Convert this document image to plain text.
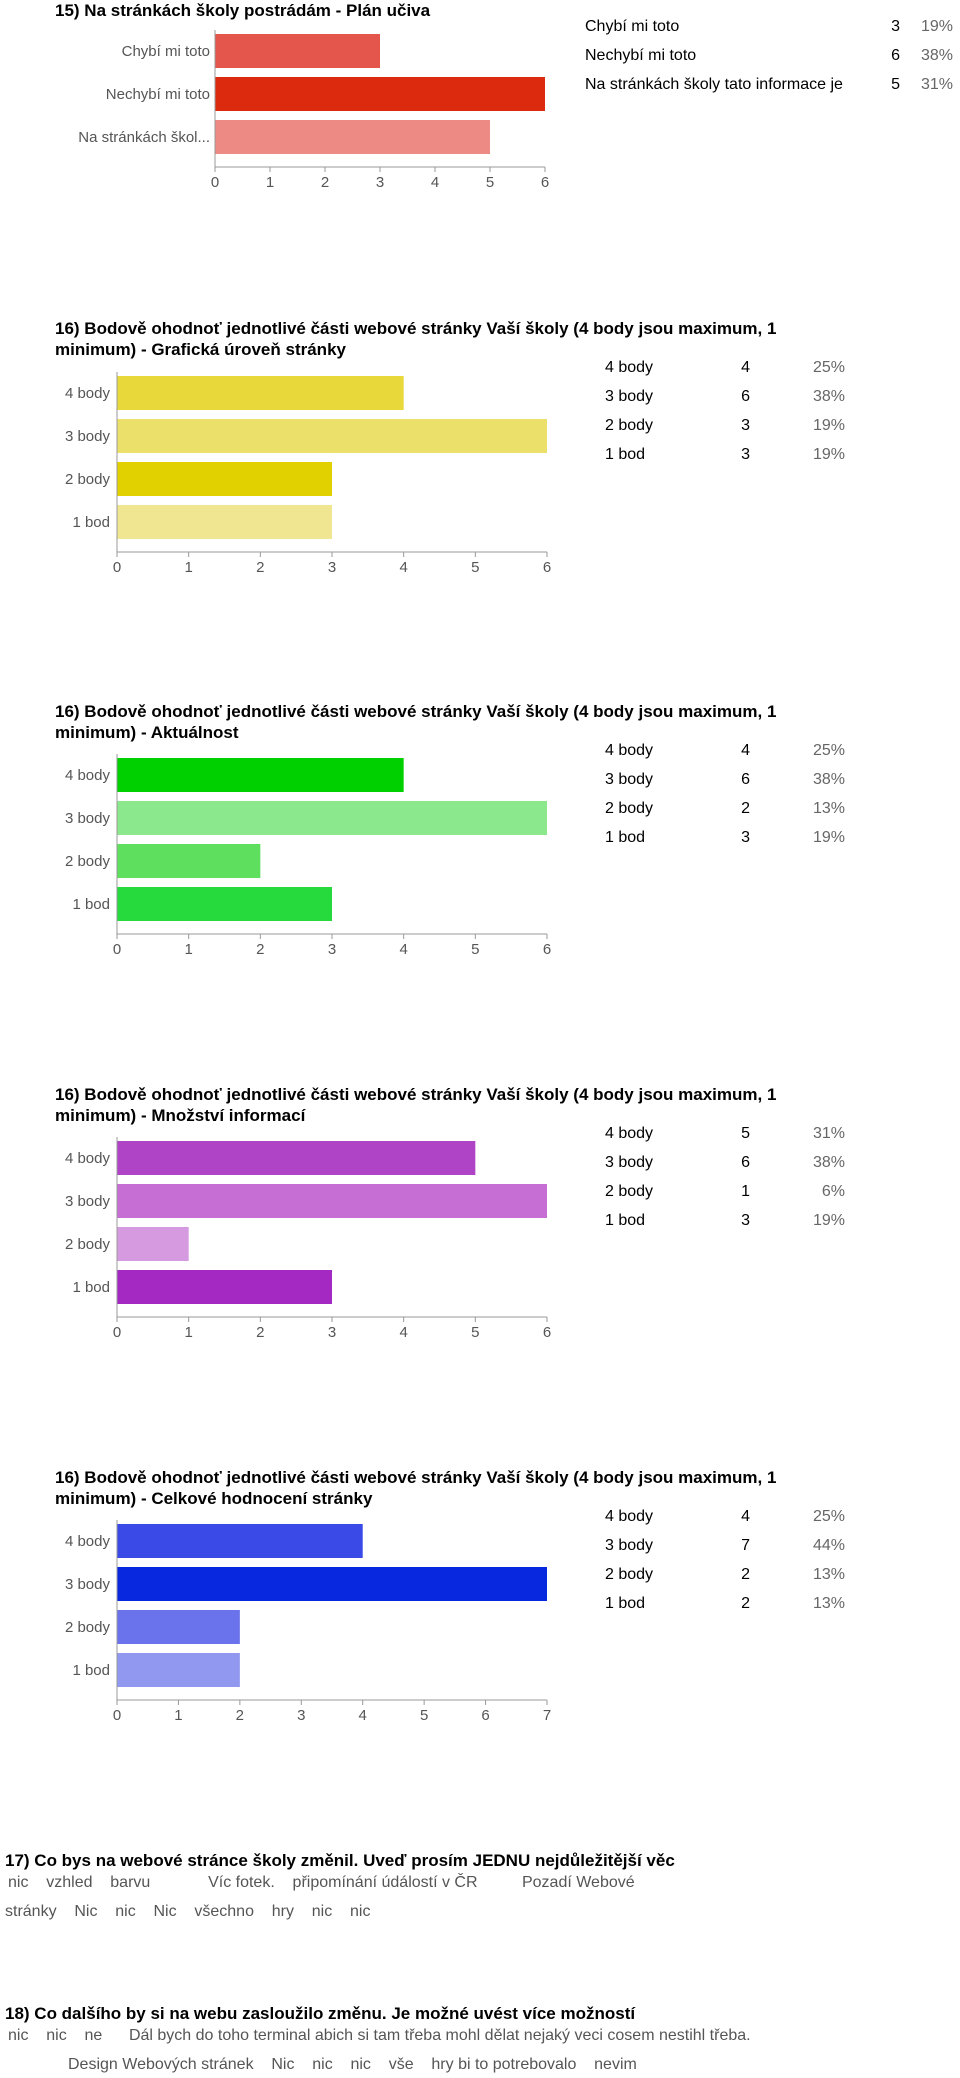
15) Na stránkách školy postrádám - Plán učiva
Chybí mi toto
Nechybí mi toto
Na stránkách škol...
0	1	2	3	4	5	6
Chybí mi toto	3 19%
Nechybí mi toto	6 38%
Na stránkách školy tato informace je	5 31%
16) Bodově ohodnoť jednotlivé části webové stránky Vaší školy (4 body jsou maximum, 1 minimum) - Grafická úroveň stránky
4 body
3 body
2 body
1 bod
0	1	2	3	4	5	6
4 body	4	25%
3 body	6	38%
2 body	3	19%
1 bod	3	19%
16) Bodově ohodnoť jednotlivé části webové stránky Vaší školy (4 body jsou maximum, 1 minimum) - Aktuálnost
4 body
3 body
2 body
1 bod
0	1	2	3	4	5	6
4 body	4	25%
3 body	6	38%
2 body	2	13%
1 bod	3	19%
16) Bodově ohodnoť jednotlivé části webové stránky Vaší školy (4 body jsou maximum, 1 minimum) - Množství informací
4 body
3 body
2 body
1 bod
0	1	2	3	4	5	6
4 body	5	31%
3 body	6	38%
2 body	1	6%
1 bod	3	19%
16) Bodově ohodnoť jednotlivé části webové stránky Vaší školy (4 body jsou maximum, 1 minimum) - Celkové hodnocení stránky
4 body
3 body
2 body
1 bod
0	1	2	3	4	5	6	7
4 body	4	25%
3 body	7	44%
2 body	2	13%
1 bod	2	13%
17) Co bys na webové stránce školy změnil. Uveď prosím JEDNU nejdůležitější věc
nic    vzhled    barvu             Víc fotek.    připomínání údálostí v ČR          Pozadí Webové
stránky    Nic    nic    Nic    všechno    hry    nic    nic
18) Co dalšího by si na webu zasloužilo změnu. Je možné uvést více možností
nic    nic    ne      Dál bych do toho terminal abich si tam třeba mohl dělat nejaký veci cosem nestihl třeba.
Design Webových stránek    Nic    nic    nic    vše    hry bi to potrebovalo    nevim
